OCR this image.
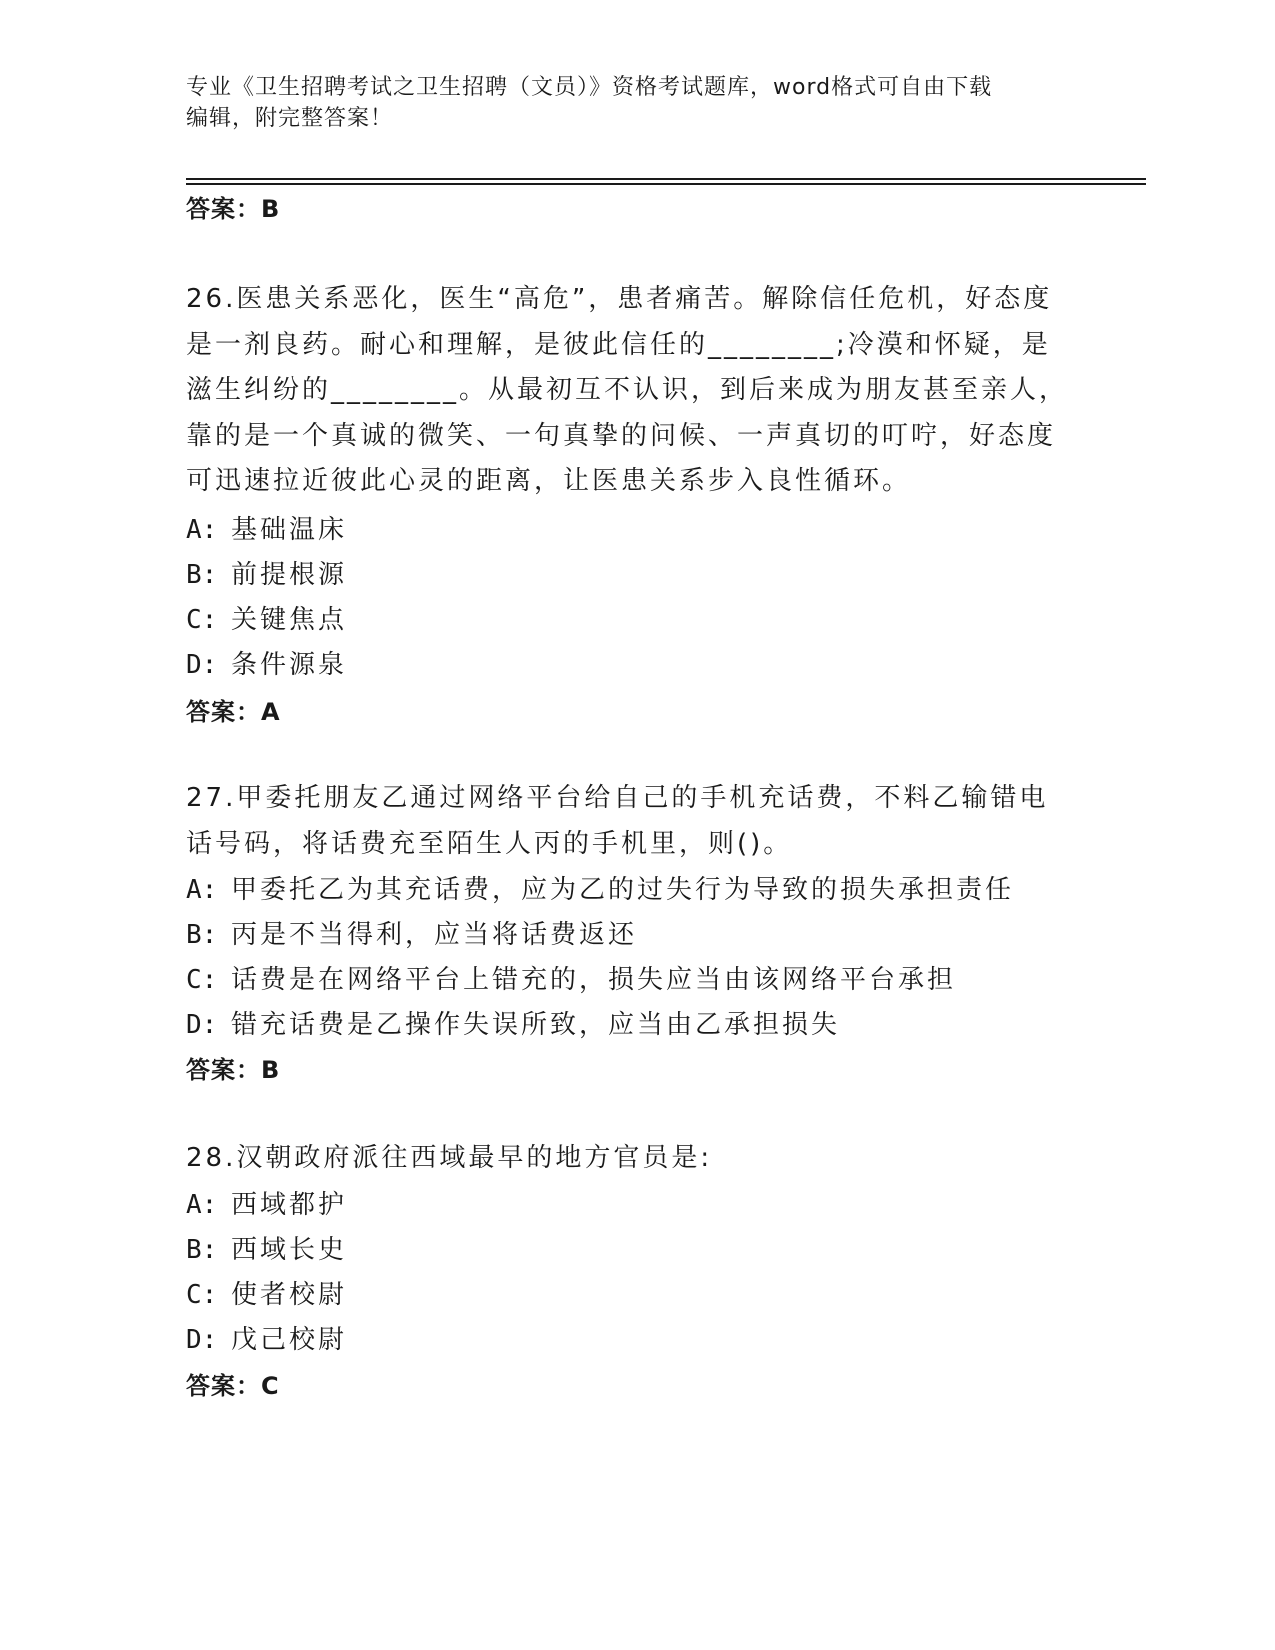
专业《卫生招聘考试之卫生招聘（文员）》资格考试题库，word格式可自由下载
编辑，附完整答案！
答案：B
26.医患关系恶化，医生“高危”，患者痛苦。解除信任危机，好态度是一剂良药。耐心和理解，是彼此信任的________;冷漠和怀疑，是滋生纠纷的________。从最初互不认识，到后来成为朋友甚至亲人，靠的是一个真诚的微笑、一句真挚的问候、一声真切的叮咛，好态度可迅速拉近彼此心灵的距离，让医患关系步入良性循环。
A: 基础温床
B: 前提根源
C: 关键焦点
D: 条件源泉
答案：A
27.甲委托朋友乙通过网络平台给自己的手机充话费，不料乙输错电话号码，将话费充至陌生人丙的手机里，则()。
A: 甲委托乙为其充话费，应为乙的过失行为导致的损失承担责任
B: 丙是不当得利，应当将话费返还
C: 话费是在网络平台上错充的，损失应当由该网络平台承担
D: 错充话费是乙操作失误所致，应当由乙承担损失
答案：B
28.汉朝政府派往西域最早的地方官员是:
A: 西域都护
B: 西域长史
C: 使者校尉
D: 戊己校尉
答案：C
